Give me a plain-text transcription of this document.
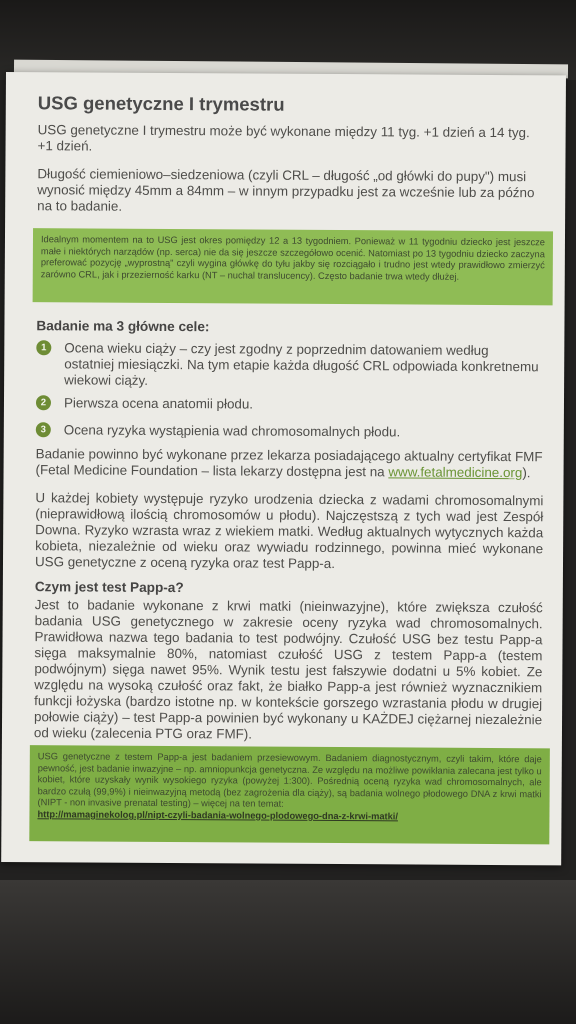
USG genetyczne I trymestru
USG genetyczne I trymestru może być wykonane między 11 tyg. +1 dzień a 14 tyg. +1 dzień.
Długość ciemieniowo–siedzeniowa (czyli CRL – długość „od główki do pupy") musi wynosić między 45mm a 84mm – w innym przypadku jest za wcześnie lub za późno na to badanie.
Idealnym momentem na to USG jest okres pomiędzy 12 a 13 tygodniem. Ponieważ w 11 tygodniu dziecko jest jeszcze małe i niektórych narządów (np. serca) nie da się jeszcze szczegółowo ocenić. Natomiast po 13 tygodniu dziecko zaczyna preferować pozycję „wyprostną" czyli wygina główkę do tyłu jakby się rozciągało i trudno jest wtedy prawidłowo zmierzyć zarówno CRL, jak i przezierność karku (NT – nuchal translucency). Często badanie trwa wtedy dłużej.
Badanie ma 3 główne cele:
1	Ocena wieku ciąży – czy jest zgodny z poprzednim datowaniem według ostatniej miesiączki. Na tym etapie każda długość CRL odpowiada konkretnemu wiekowi ciąży.
2	Pierwsza ocena anatomii płodu.
3	Ocena ryzyka wystąpienia wad chromosomalnych płodu.
Badanie powinno być wykonane przez lekarza posiadającego aktualny certyfikat FMF (Fetal Medicine Foundation – lista lekarzy dostępna jest na www.fetalmedicine.org).
U każdej kobiety występuje ryzyko urodzenia dziecka z wadami chromosomalnymi (nieprawidłową ilością chromosomów u płodu). Najczęstszą z tych wad jest Zespół Downa. Ryzyko wzrasta wraz z wiekiem matki. Według aktualnych wytycznych każda kobieta, niezależnie od wieku oraz wywiadu rodzinnego, powinna mieć wykonane USG genetyczne z oceną ryzyka oraz test Papp-a.
Czym jest test Papp-a?
Jest to badanie wykonane z krwi matki (nieinwazyjne), które zwiększa czułość badania USG genetycznego w zakresie oceny ryzyka wad chromosomalnych. Prawidłowa nazwa tego badania to test podwójny. Czułość USG bez testu Papp-a sięga maksymalnie 80%, natomiast czułość USG z testem Papp-a (testem podwójnym) sięga nawet 95%. Wynik testu jest fałszywie dodatni u 5% kobiet. Ze względu na wysoką czułość oraz fakt, że białko Papp-a jest również wyznacznikiem funkcji łożyska (bardzo istotne np. w kontekście gorszego wzrastania płodu w drugiej połowie ciąży) – test Papp-a powinien być wykonany u KAŻDEJ ciężarnej niezależnie od wieku (zalecenia PTG oraz FMF).
USG genetyczne z testem Papp-a jest badaniem przesiewowym. Badaniem diagnostycznym, czyli takim, które daje pewność, jest badanie inwazyjne – np. amniopunkcja genetyczna. Ze względu na możliwe powikłania zalecana jest tylko u kobiet, które uzyskały wynik wysokiego ryzyka (powyżej 1:300). Pośrednią oceną ryzyka wad chromosomalnych, ale bardzo czułą (99,9%) i nieinwazyjną metodą (bez zagrożenia dla ciąży), są badania wolnego płodowego DNA z krwi matki (NIPT - non invasive prenatal testing) – więcej na ten temat:
http://mamaginekolog.pl/nipt-czyli-badania-wolnego-plodowego-dna-z-krwi-matki/
